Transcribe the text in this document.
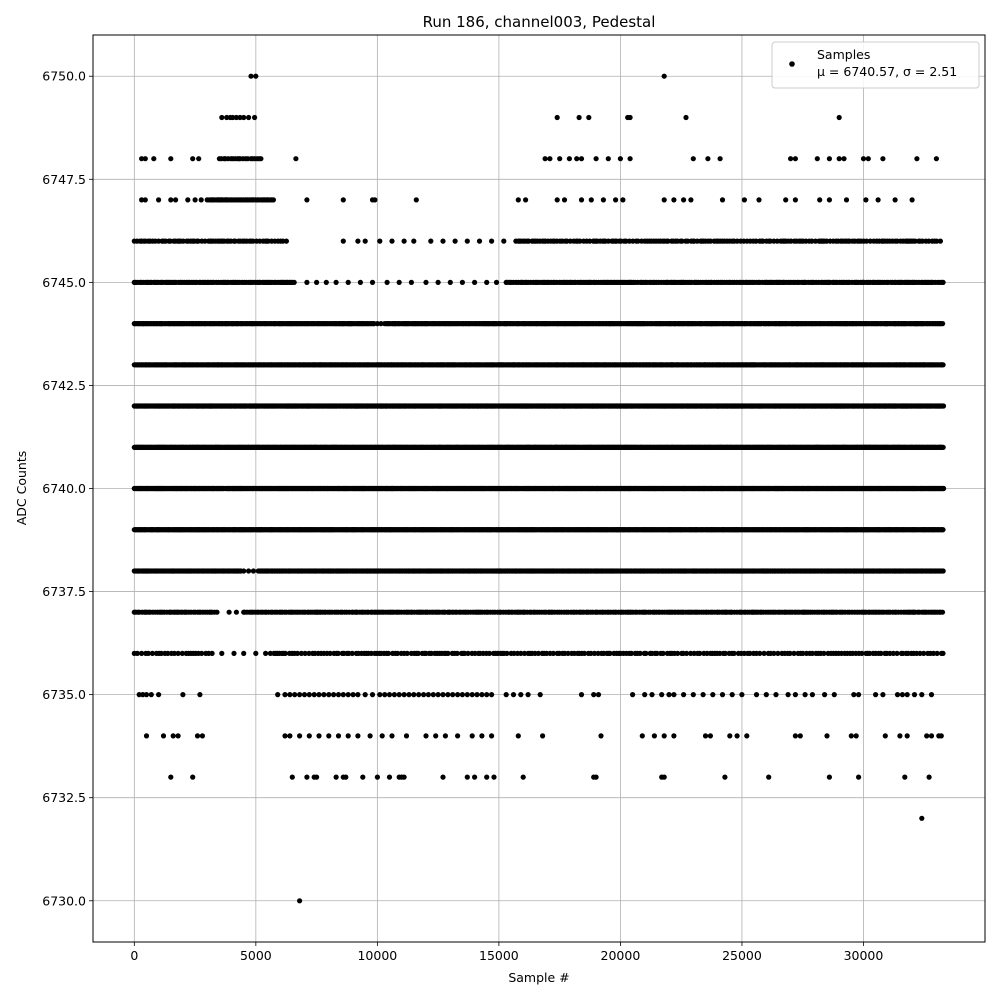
0	5000	10000	15000	20000	25000	30000
6730.0
6732.5
6735.0
6737.5
6740.0
6742.5
6745.0
6747.5
6750.0
Run 186, channel003, Pedestal
Sample #
ADC Counts
Samples
μ = 6740.57, σ = 2.51
